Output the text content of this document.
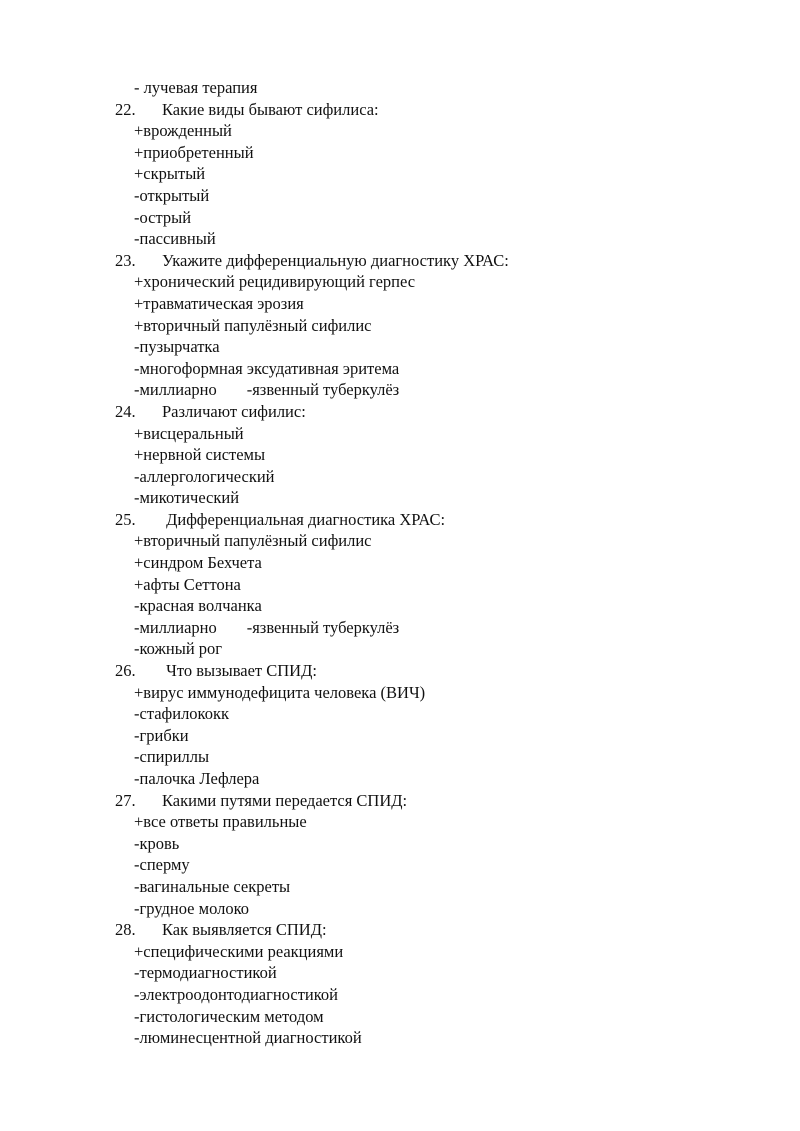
- лучевая терапия
22. Какие виды бывают сифилиса:
+врожденный
+приобретенный
+скрытый
-открытый
-острый
-пассивный
23. Укажите дифференциальную диагностику ХРАС:
+хронический рецидивирующий герпес
+травматическая эрозия
+вторичный папулёзный сифилис
-пузырчатка
-многоформная эксудативная эритема
-миллиарно -язвенный туберкулёз
24. Различают сифилис:
+висцеральный
+нервной системы
-аллергологический
-микотический
25. Дифференциальная диагностика ХРАС:
+вторичный папулёзный сифилис
+синдром Бехчета
+афты Сеттона
-красная волчанка
-миллиарно -язвенный туберкулёз
-кожный рог
26. Что вызывает СПИД:
+вирус иммунодефицита человека (ВИЧ)
-стафилококк
-грибки
-спириллы
-палочка Лефлера
27. Какими путями передается СПИД:
+все ответы правильные
-кровь
-сперму
-вагинальные секреты
-грудное молоко
28. Как выявляется СПИД:
+специфическими реакциями
-термодиагностикой
-электроодонтодиагностикой
-гистологическим методом
-люминесцентной диагностикой
